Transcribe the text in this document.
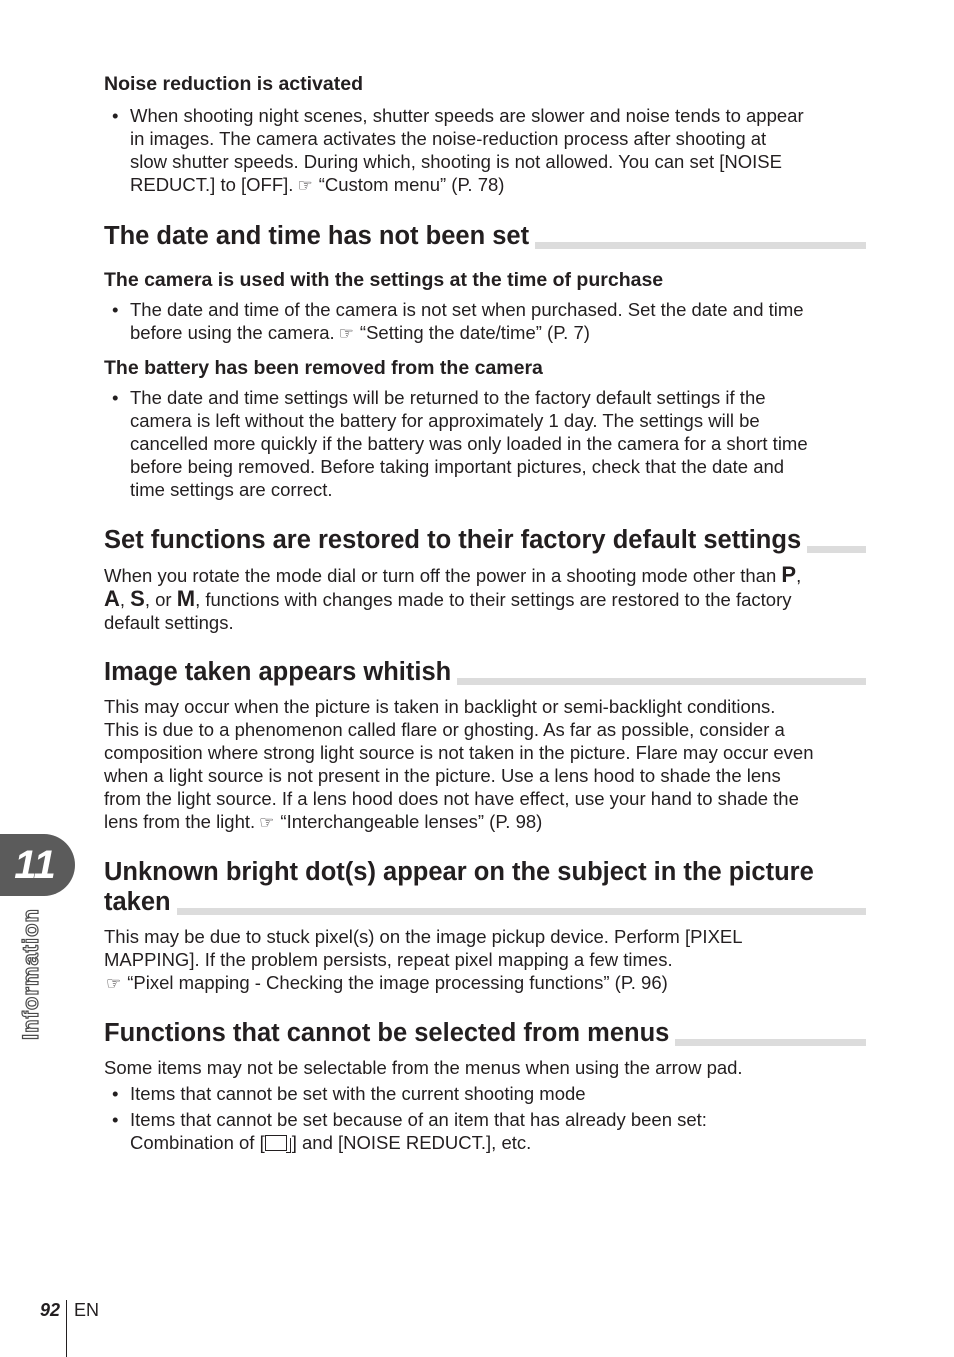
Noise reduction is activated

• When shooting night scenes, shutter speeds are slower and noise tends to appear
in images. The camera activates the noise-reduction process after shooting at
slow shutter speeds. During which, shooting is not allowed. You can set [NOISE
REDUCT.] to [OFF]. ☞ “Custom menu” (P. 78)
The date and time has not been set

The camera is used with the settings at the time of purchase

• The date and time of the camera is not set when purchased. Set the date and time
before using the camera. ☞ “Setting the date/time” (P. 7)

The battery has been removed from the camera

• The date and time settings will be returned to the factory default settings if the
camera is left without the battery for approximately 1 day. The settings will be
cancelled more quickly if the battery was only loaded in the camera for a short time
before being removed. Before taking important pictures, check that the date and
time settings are correct.
Set functions are restored to their factory default settings
When you rotate the mode dial or turn off the power in a shooting mode other than P,
A, S, or M, functions with changes made to their settings are restored to the factory
default settings.
Image taken appears whitish
This may occur when the picture is taken in backlight or semi-backlight conditions.
This is due to a phenomenon called flare or ghosting. As far as possible, consider a
composition where strong light source is not taken in the picture. Flare may occur even
when a light source is not present in the picture. Use a lens hood to shade the lens
from the light source. If a lens hood does not have effect, use your hand to shade the
lens from the light. ☞ “Interchangeable lenses” (P. 98)
Unknown bright dot(s) appear on the subject in the picture taken
This may be due to stuck pixel(s) on the image pickup device. Perform [PIXEL
MAPPING]. If the problem persists, repeat pixel mapping a few times.
☞ “Pixel mapping - Checking the image processing functions” (P. 96)
Functions that cannot be selected from menus

Some items may not be selectable from the menus when using the arrow pad.

• Items that cannot be set with the current shooting mode
• Items that cannot be set because of an item that has already been set:
Combination of [ ] and [NOISE REDUCT.], etc.
11
Information
92 EN
